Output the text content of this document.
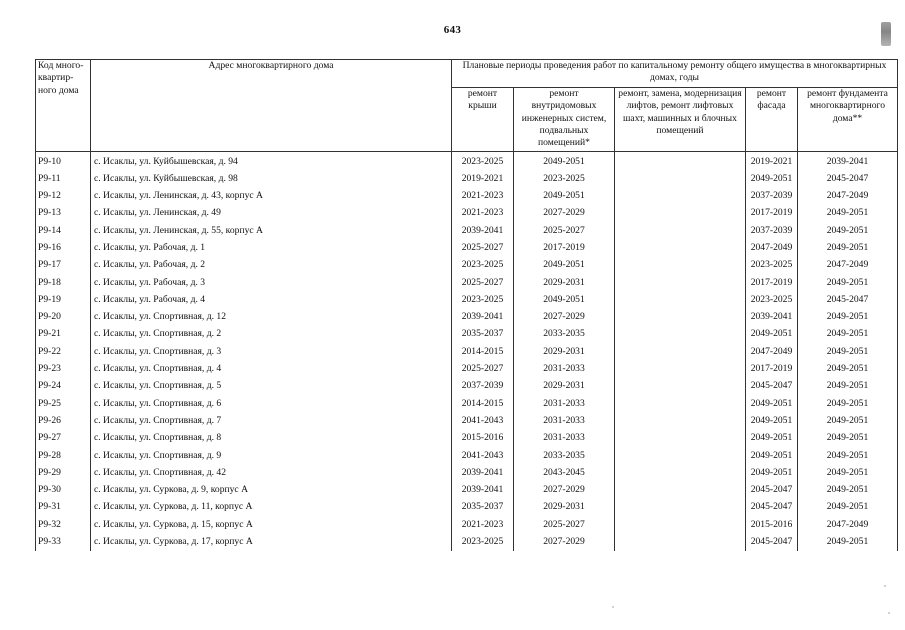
643
Код много-квартир-ного дома	Адрес многоквартирного дома	Плановые периоды проведения работ по капитальному ремонту общего имущества в многоквартирных домах, годы				
		ремонт крыши	ремонт внутридомовых инженерных систем, подвальных помещений*	ремонт, замена, модернизация лифтов, ремонт лифтовых шахт, машинных и блочных помещений	ремонт фасада	ремонт фундамента многоквартирного дома**
Р9-10	с. Исаклы, ул. Куйбышевская, д. 94	2023-2025	2049-2051		2019-2021	2039-2041
Р9-11	с. Исаклы, ул. Куйбышевская, д. 98	2019-2021	2023-2025		2049-2051	2045-2047
Р9-12	с. Исаклы, ул. Ленинская, д. 43, корпус А	2021-2023	2049-2051		2037-2039	2047-2049
Р9-13	с. Исаклы, ул. Ленинская, д. 49	2021-2023	2027-2029		2017-2019	2049-2051
Р9-14	с. Исаклы, ул. Ленинская, д. 55, корпус А	2039-2041	2025-2027		2037-2039	2049-2051
Р9-16	с. Исаклы, ул. Рабочая, д. 1	2025-2027	2017-2019		2047-2049	2049-2051
Р9-17	с. Исаклы, ул. Рабочая, д. 2	2023-2025	2049-2051		2023-2025	2047-2049
Р9-18	с. Исаклы, ул. Рабочая, д. 3	2025-2027	2029-2031		2017-2019	2049-2051
Р9-19	с. Исаклы, ул. Рабочая, д. 4	2023-2025	2049-2051		2023-2025	2045-2047
Р9-20	с. Исаклы, ул. Спортивная, д. 12	2039-2041	2027-2029		2039-2041	2049-2051
Р9-21	с. Исаклы, ул. Спортивная, д. 2	2035-2037	2033-2035		2049-2051	2049-2051
Р9-22	с. Исаклы, ул. Спортивная, д. 3	2014-2015	2029-2031		2047-2049	2049-2051
Р9-23	с. Исаклы, ул. Спортивная, д. 4	2025-2027	2031-2033		2017-2019	2049-2051
Р9-24	с. Исаклы, ул. Спортивная, д. 5	2037-2039	2029-2031		2045-2047	2049-2051
Р9-25	с. Исаклы, ул. Спортивная, д. 6	2014-2015	2031-2033		2049-2051	2049-2051
Р9-26	с. Исаклы, ул. Спортивная, д. 7	2041-2043	2031-2033		2049-2051	2049-2051
Р9-27	с. Исаклы, ул. Спортивная, д. 8	2015-2016	2031-2033		2049-2051	2049-2051
Р9-28	с. Исаклы, ул. Спортивная, д. 9	2041-2043	2033-2035		2049-2051	2049-2051
Р9-29	с. Исаклы, ул. Спортивная, д. 42	2039-2041	2043-2045		2049-2051	2049-2051
Р9-30	с. Исаклы, ул. Суркова, д. 9, корпус А	2039-2041	2027-2029		2045-2047	2049-2051
Р9-31	с. Исаклы, ул. Суркова, д. 11, корпус А	2035-2037	2029-2031		2045-2047	2049-2051
Р9-32	с. Исаклы, ул. Суркова, д. 15, корпус А	2021-2023	2025-2027		2015-2016	2047-2049
Р9-33	с. Исаклы, ул. Суркова, д. 17, корпус А	2023-2025	2027-2029		2045-2047	2049-2051
